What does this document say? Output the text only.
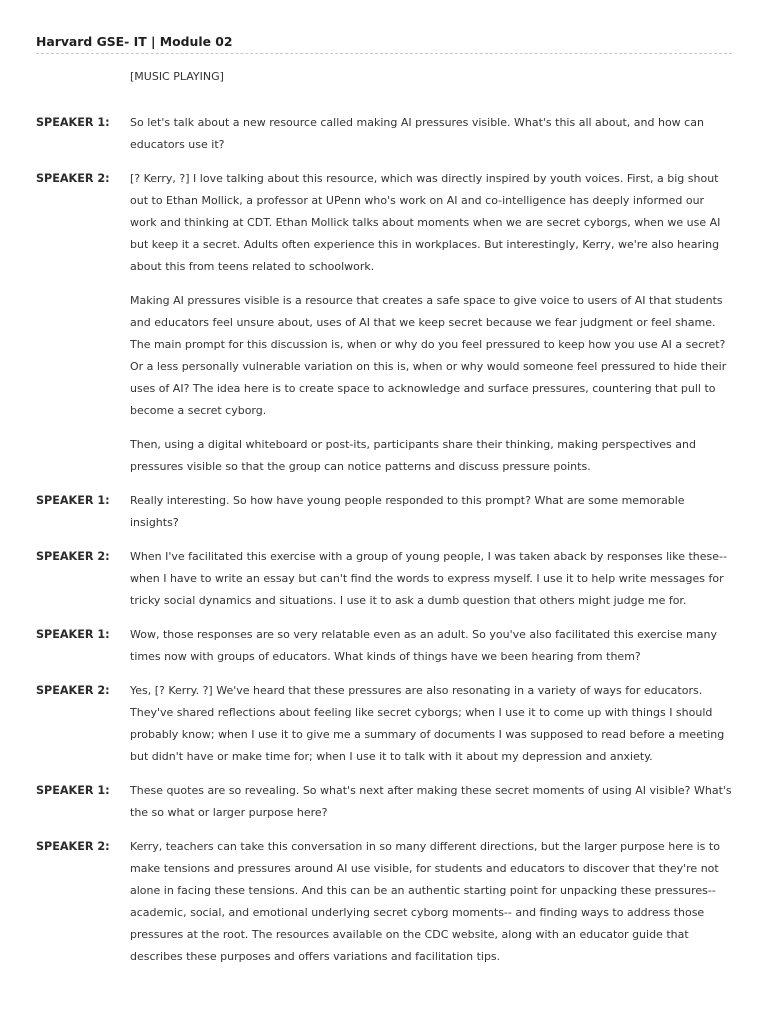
Harvard GSE- IT | Module 02

[MUSIC PLAYING]

SPEAKER 1:	So let's talk about a new resource called making AI pressures visible. What's this all about, and how can educators use it?

SPEAKER 2:	[? Kerry, ?] I love talking about this resource, which was directly inspired by youth voices. First, a big shout out to Ethan Mollick, a professor at UPenn who's work on AI and co-intelligence has deeply informed our work and thinking at CDT. Ethan Mollick talks about moments when we are secret cyborgs, when we use AI but keep it a secret. Adults often experience this in workplaces. But interestingly, Kerry, we're also hearing about this from teens related to schoolwork.

Making AI pressures visible is a resource that creates a safe space to give voice to users of AI that students and educators feel unsure about, uses of AI that we keep secret because we fear judgment or feel shame. The main prompt for this discussion is, when or why do you feel pressured to keep how you use AI a secret? Or a less personally vulnerable variation on this is, when or why would someone feel pressured to hide their uses of AI? The idea here is to create space to acknowledge and surface pressures, countering that pull to become a secret cyborg.

Then, using a digital whiteboard or post-its, participants share their thinking, making perspectives and pressures visible so that the group can notice patterns and discuss pressure points.

SPEAKER 1:	Really interesting. So how have young people responded to this prompt? What are some memorable insights?

SPEAKER 2:	When I've facilitated this exercise with a group of young people, I was taken aback by responses like these-- when I have to write an essay but can't find the words to express myself. I use it to help write messages for tricky social dynamics and situations. I use it to ask a dumb question that others might judge me for.

SPEAKER 1:	Wow, those responses are so very relatable even as an adult. So you've also facilitated this exercise many times now with groups of educators. What kinds of things have we been hearing from them?

SPEAKER 2:	Yes, [? Kerry. ?] We've heard that these pressures are also resonating in a variety of ways for educators. They've shared reflections about feeling like secret cyborgs; when I use it to come up with things I should probably know; when I use it to give me a summary of documents I was supposed to read before a meeting but didn't have or make time for; when I use it to talk with it about my depression and anxiety.

SPEAKER 1:	These quotes are so revealing. So what's next after making these secret moments of using AI visible? What's the so what or larger purpose here?

SPEAKER 2:	Kerry, teachers can take this conversation in so many different directions, but the larger purpose here is to make tensions and pressures around AI use visible, for students and educators to discover that they're not alone in facing these tensions. And this can be an authentic starting point for unpacking these pressures-- academic, social, and emotional underlying secret cyborg moments-- and finding ways to address those pressures at the root. The resources available on the CDC website, along with an educator guide that describes these purposes and offers variations and facilitation tips.
